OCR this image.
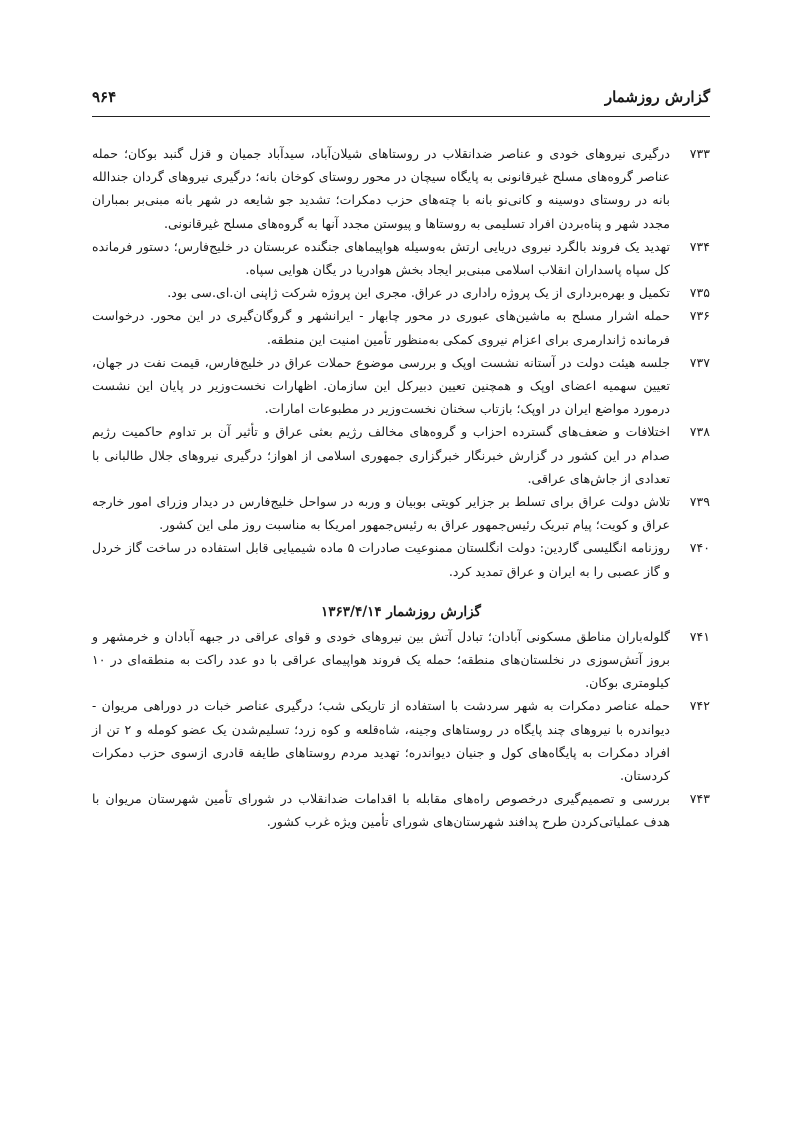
گزارش روزشمار
۹۶۴

۷۳۳درگیری نیروهای خودی و عناصر ضدانقلاب در روستاهای شیلان‌آباد، سیدآباد جمیان و قزل گنبد بوکان؛ حمله عناصر گروه‌های مسلح غیرقانونی به پایگاه سیچان در محور روستای کوخان بانه؛ درگیری نیروهای گردان جندالله بانه در روستای دوسینه و کانی‌نو بانه با چته‌های حزب دمکرات؛ تشدید جو شایعه در شهر بانه مبنی‌بر بمباران مجدد شهر و پناه‌بردن افراد تسلیمی به روستاها و پیوستن مجدد آنها به گروه‌های مسلح غیرقانونی.

۷۳۴تهدید یک فروند بالگرد نیروی دریایی ارتش به‌وسیله هواپیماهای جنگنده عربستان در خلیج‌فارس؛ دستور فرمانده کل سپاه پاسداران انقلاب اسلامی مبنی‌بر ایجاد بخش هوادریا در یگان هوایی سپاه.

۷۳۵تکمیل و بهره‌برداری از یک پروژه راداری در عراق. مجری این پروژه شرکت ژاپنی ان.ای.سی بود.

۷۳۶حمله اشرار مسلح به ماشین‌های عبوری در محور چابهار - ایرانشهر و گروگان‌گیری در این محور. درخواست فرمانده ژاندارمری برای اعزام نیروی کمکی به‌منظور تأمین امنیت این منطقه.

۷۳۷جلسه هیئت دولت در آستانه نشست اوپک و بررسی موضوع حملات عراق در خلیج‌فارس، قیمت نفت در جهان، تعیین سهمیه اعضای اوپک و همچنین تعیین دبیرکل این سازمان. اظهارات نخست‌وزیر در پایان این نشست درمورد مواضع ایران در اوپک؛ بازتاب سخنان نخست‌وزیر در مطبوعات امارات.

۷۳۸اختلافات و ضعف‌های گسترده احزاب و گروه‌های مخالف رژیم بعثی عراق و تأثیر آن بر تداوم حاکمیت رژیم صدام در این کشور در گزارش خبرنگار خبرگزاری جمهوری اسلامی از اهواز؛ درگیری نیروهای جلال طالبانی با تعدادی از جاش‌های عراقی.

۷۳۹تلاش دولت عراق برای تسلط بر جزایر کویتی بوبیان و وربه در سواحل خلیج‌فارس در دیدار وزرای امور خارجه عراق و کویت؛ پیام تبریک رئیس‌جمهور عراق به رئیس‌جمهور امریکا به مناسبت روز ملی این کشور.

۷۴۰روزنامه انگلیسی گاردین: دولت انگلستان ممنوعیت صادرات ۵ ماده شیمیایی قابل استفاده در ساخت گاز خردل و گاز عصبی را به ایران و عراق تمدید کرد.

گزارش روزشمار ۱۳۶۳/۴/۱۴

۷۴۱گلوله‌باران مناطق مسکونی آبادان؛ تبادل آتش بین نیروهای خودی و قوای عراقی در جبهه آبادان و خرمشهر و بروز آتش‌سوزی در نخلستان‌های منطقه؛ حمله یک فروند هواپیمای عراقی با دو عدد راکت به منطقه‌ای در ۱۰ کیلومتری بوکان.

۷۴۲حمله عناصر دمکرات به شهر سردشت با استفاده از تاریکی شب؛ درگیری عناصر خبات در دوراهی مریوان - دیواندره با نیروهای چند پایگاه در روستاهای وجینه، شاه‌قلعه و کوه زرد؛ تسلیم‌شدن یک عضو کومله و ۲ تن از افراد دمکرات به پایگاه‌های کول و جنیان دیواندره؛ تهدید مردم روستاهای طایفه قادری ازسوی حزب دمکرات کردستان.

۷۴۳بررسی و تصمیم‌گیری درخصوص راه‌های مقابله با اقدامات ضدانقلاب در شورای تأمین شهرستان مریوان با هدف عملیاتی‌کردن طرح پدافند شهرستان‌های شورای تأمین ویژه غرب کشور.
